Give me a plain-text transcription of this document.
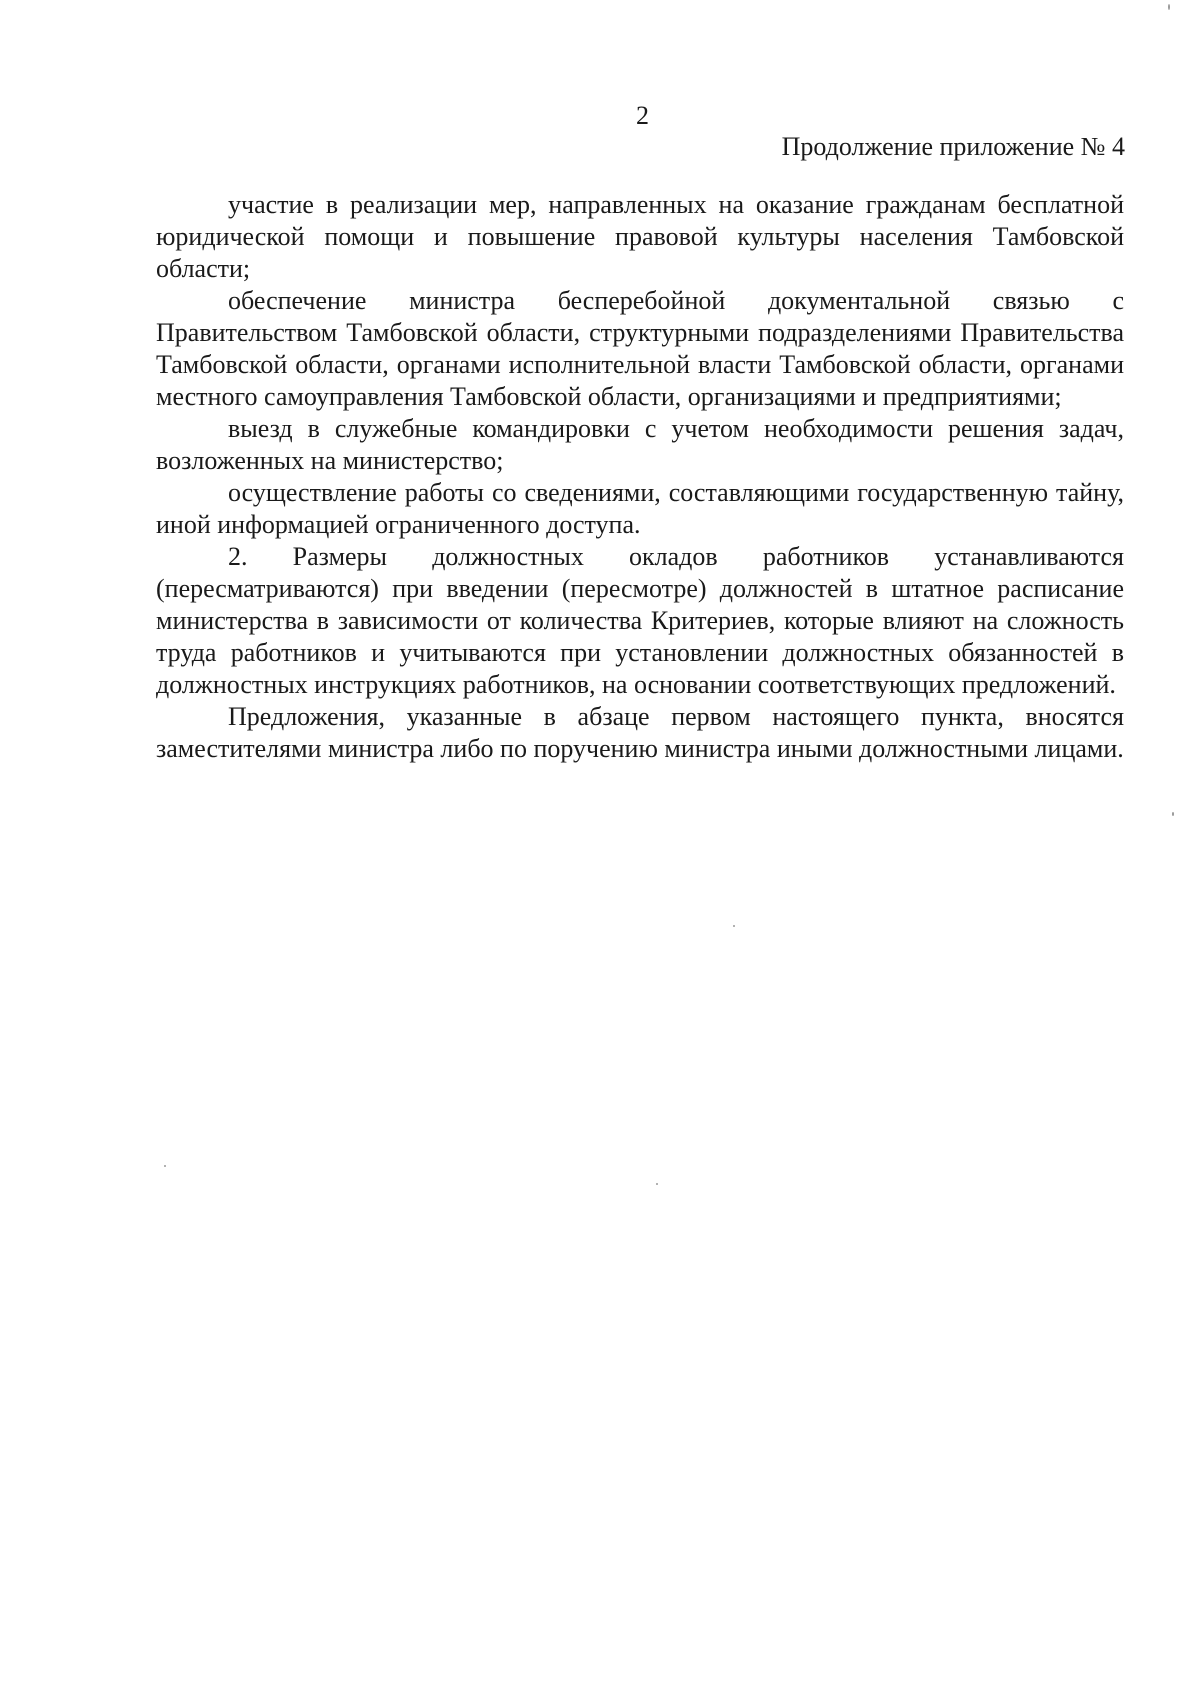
2
Продолжение приложение № 4

участие в реализации мер, направленных на оказание гражданам бесплатной юридической помощи и повышение правовой культуры населения Тамбовской области;

обеспечение министра бесперебойной документальной связью с Правительством Тамбовской области, структурными подразделениями Правительства Тамбовской области, органами исполнительной власти Тамбовской области, органами местного самоуправления Тамбовской области, организациями и предприятиями;

выезд в служебные командировки с учетом необходимости решения задач, возложенных на министерство;

осуществление работы со сведениями, составляющими государственную тайну, иной информацией ограниченного доступа.

2. Размеры должностных окладов работников устанавливаются (пересматриваются) при введении (пересмотре) должностей в штатное расписание министерства в зависимости от количества Критериев, которые влияют на сложность труда работников и учитываются при установлении должностных обязанностей в должностных инструкциях работников, на основании соответствующих предложений.

Предложения, указанные в абзаце первом настоящего пункта, вносятся заместителями министра либо по поручению министра иными должностными лицами.
